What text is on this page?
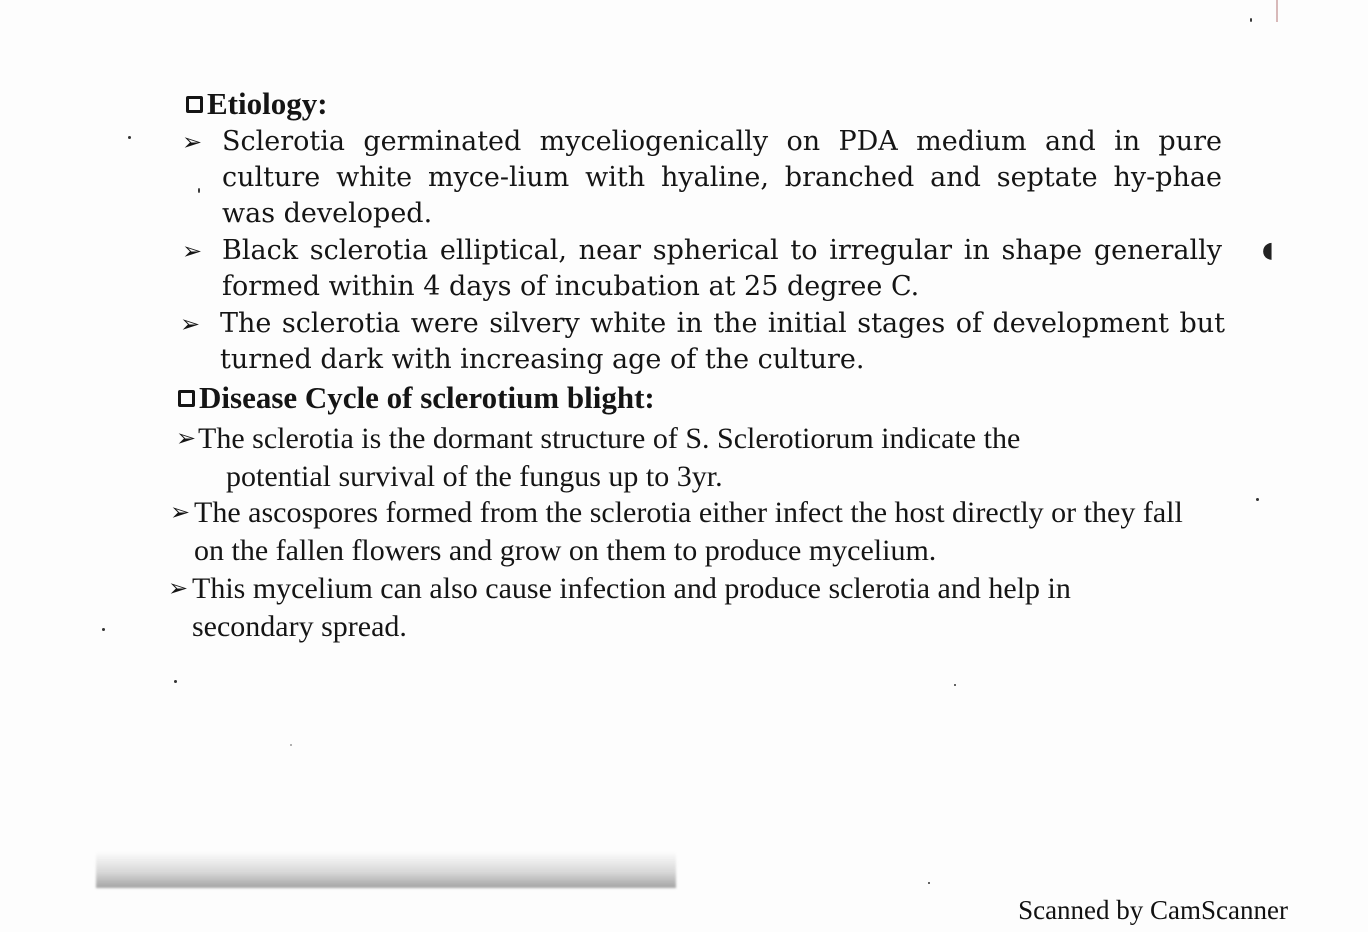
Etiology:
➢ Sclerotia germinated myceliogenically on PDA medium and in pure culture white myce-lium with hyaline, branched and septate hy-phae was developed.
➢ Black sclerotia elliptical, near spherical to irregular in shape generally formed within 4 days of incubation at 25 degree C.
➢ The sclerotia were silvery white in the initial stages of development but turned dark with increasing age of the culture.
Disease Cycle of sclerotium blight:
➢ The sclerotia is the dormant structure of S. Sclerotiorum indicate the
potential survival of the fungus up to 3yr.
➢ The ascospores formed from the sclerotia either infect the host directly or they fall on the fallen flowers and grow on them to produce mycelium.
➢ This mycelium can also cause infection and produce sclerotia and help in secondary spread.
◖
Scanned by CamScanner
